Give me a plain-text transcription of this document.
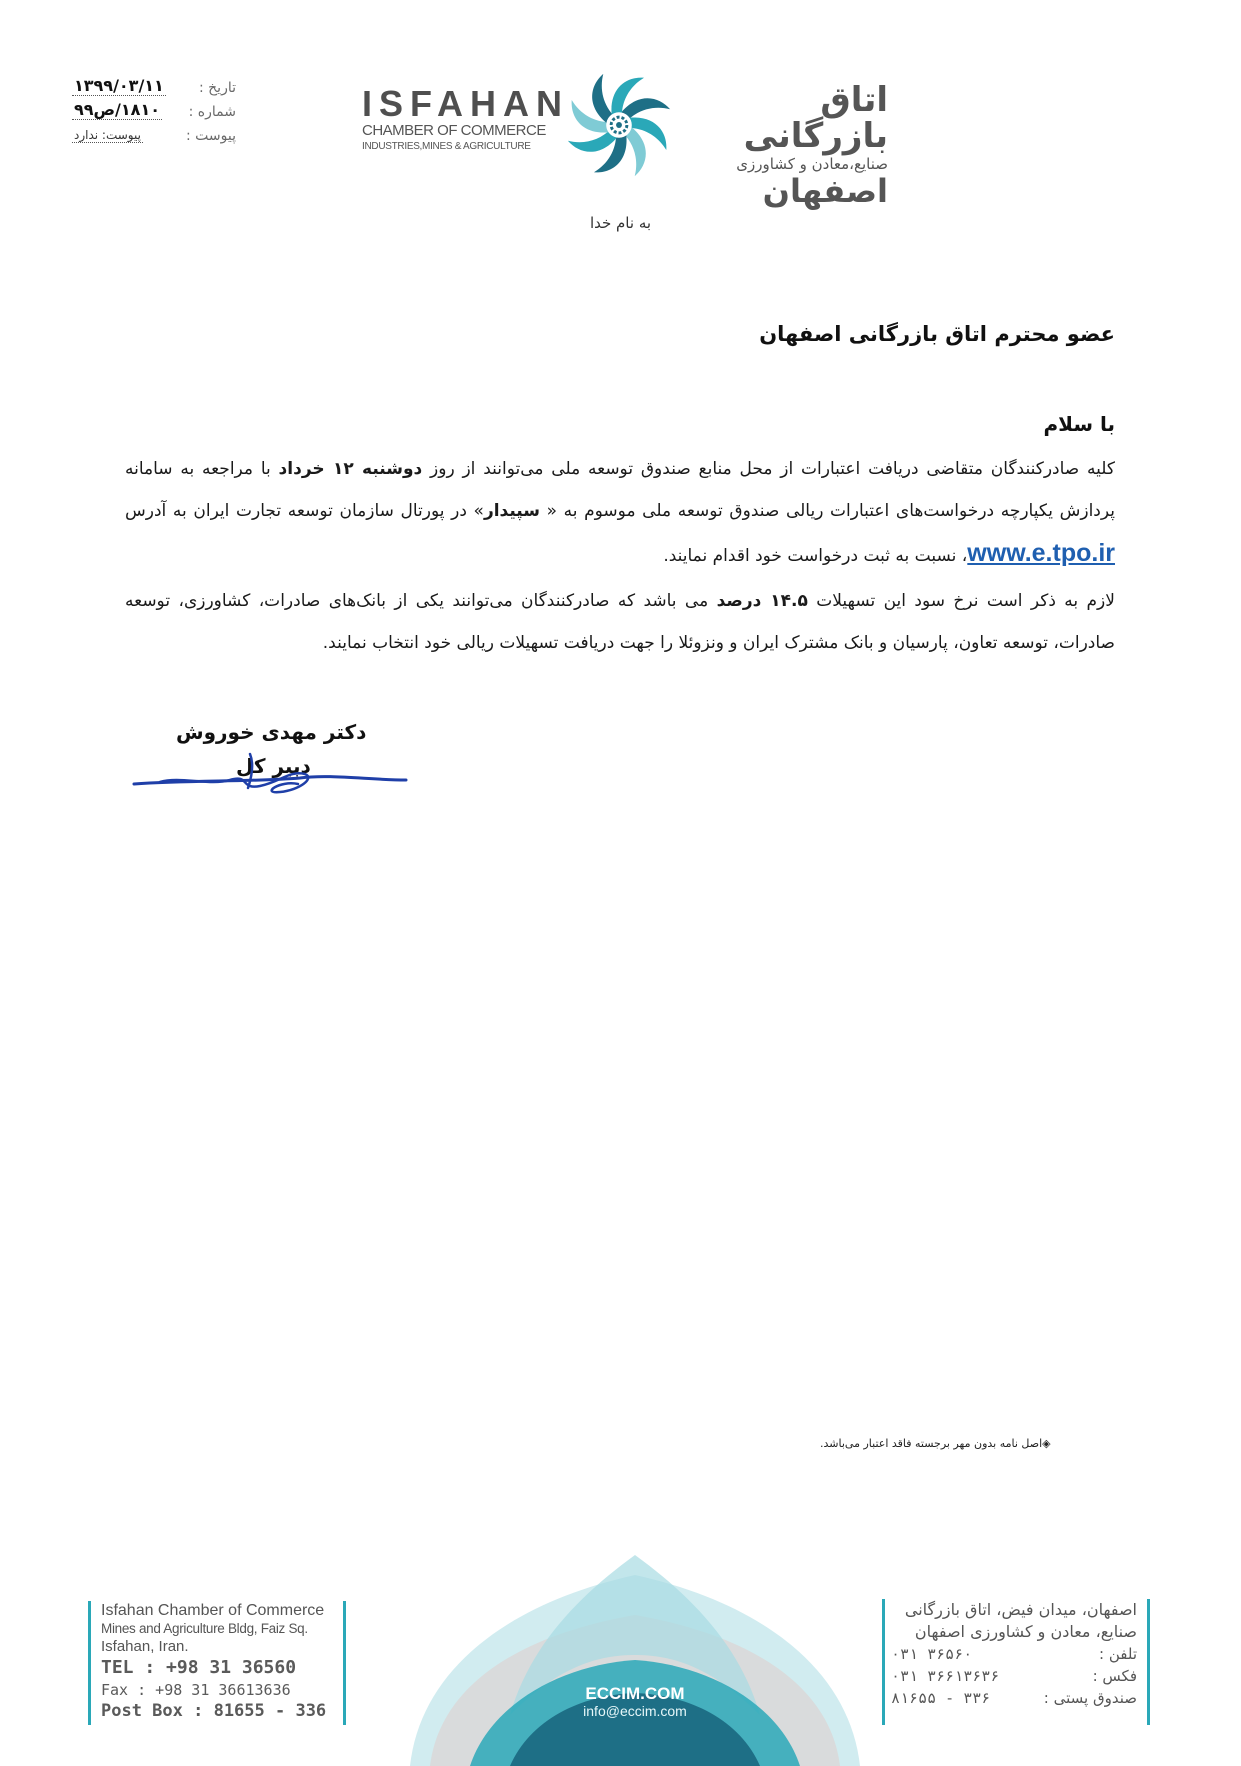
تاریخ :
۱۳۹۹/۰۳/۱۱
شماره :
۱۸۱۰/ص۹۹
پیوست :
پیوست: ندارد
ISFAHAN
CHAMBER OF COMMERCE
INDUSTRIES,MINES & AGRICULTURE
اتاق بازرگانی
صنایع،معادن و کشاورزی
اصفهان
به نام خدا
عضو محترم اتاق بازرگانی اصفهان
با سلام
کلیه صادرکنندگان متقاضی دریافت اعتبارات از محل منابع صندوق توسعه ملی می‌توانند از روز دوشنبه ۱۲ خرداد با مراجعه به سامانه پردازش یکپارچه درخواست‌های اعتبارات ریالی صندوق توسعه ملی موسوم به « سپیدار» در پورتال سازمان توسعه تجارت ایران به آدرس www.e.tpo.ir، نسبت به ثبت درخواست خود اقدام نمایند.
لازم به ذکر است نرخ سود این تسهیلات ۱۴.۵ درصد می باشد که صادرکنندگان می‌توانند یکی از بانک‌های صادرات، کشاورزی، توسعه صادرات، توسعه تعاون، پارسیان و بانک مشترک ایران و ونزوئلا را جهت دریافت تسهیلات ریالی خود انتخاب نمایند.
دکتر مهدی خوروش
دبیر کل
◈اصل نامه بدون مهر برجسته فاقد اعتبار می‌باشد.
Isfahan Chamber of Commerce
Mines and Agriculture Bldg, Faiz Sq.
Isfahan, Iran.
TEL : +98 31 36560
Fax : +98 31 36613636
Post Box : 81655 - 336
ECCIM.COM
info@eccim.com
اصفهان، میدان فیض، اتاق بازرگانی
صنایع، معادن و کشاورزی اصفهان
تلفن :
۰۳۱ ۳۶۵۶۰
فکس :
۰۳۱ ۳۶۶۱۳۶۳۶
صندوق پستی :
۸۱۶۵۵ - ۳۳۶
